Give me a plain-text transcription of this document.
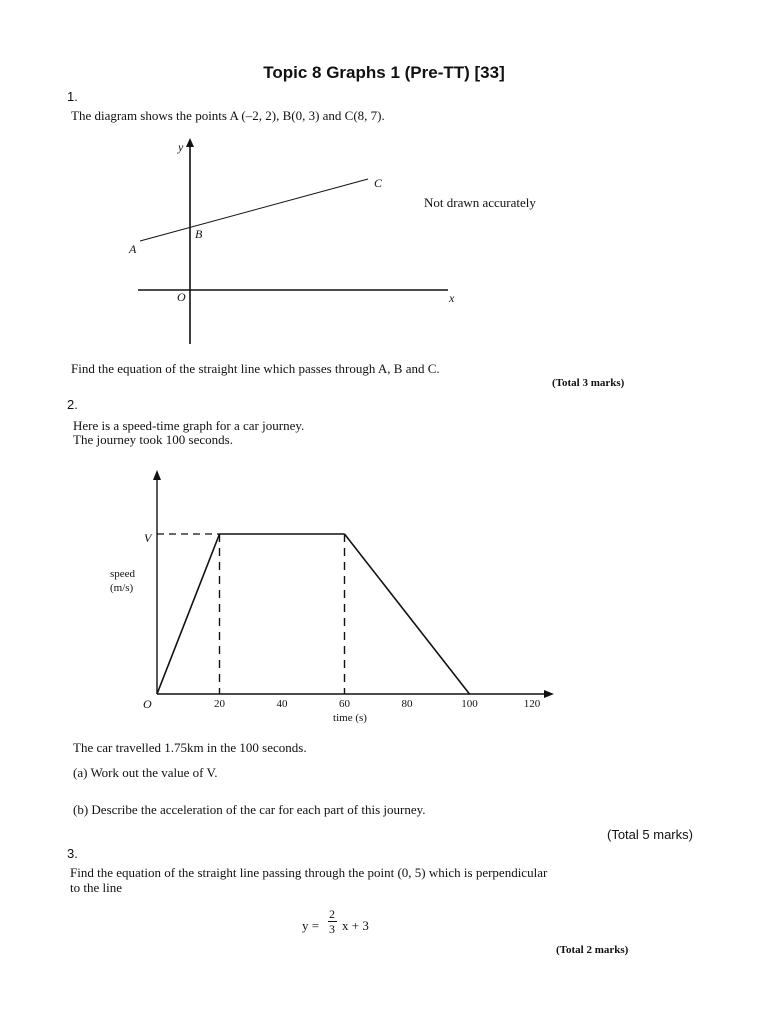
Topic 8 Graphs 1 (Pre-TT) [33]
1.
The diagram shows the points A (–2, 2), B(0, 3) and C(8, 7).
y
x
O
A
B
C
Not drawn accurately
Find the equation of the straight line which passes through A, B and C.
(Total 3 marks)
2.
Here is a speed-time graph for a car journey.
The journey took 100 seconds.
20	40	60	80	100	120
O
V
speed
(m/s)
time (s)
The car travelled 1.75km in the 100 seconds.
(a) Work out the value of V.
(b) Describe the acceleration of the car for each part of this journey.
(Total 5 marks)
3.
Find the equation of the straight line passing through the point (0, 5) which is perpendicular
to the line
y =
2
3 x + 3
(Total 2 marks)
